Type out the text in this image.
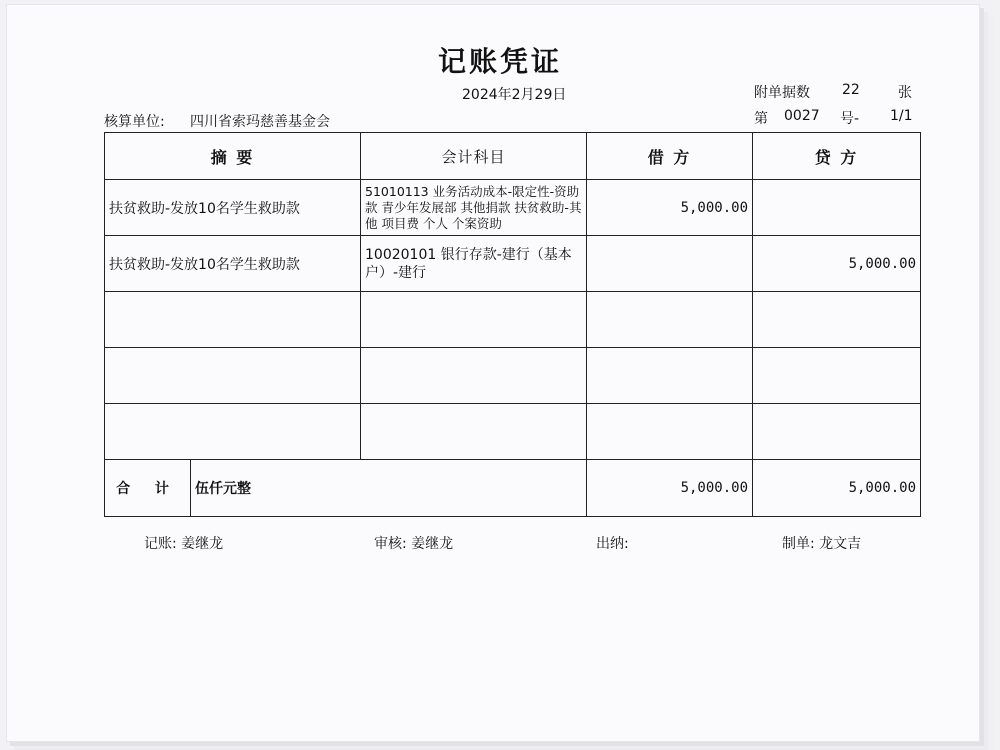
记账凭证
2024年2月29日	附单据数 22	张
核算单位: 四川省索玛慈善基金会	第 0027 号- 1/1
摘 要		会计科目	借 方	贷 方
扶贫救助-发放10名学生救助款		51010113 业务活动成本-限定性-资助款 青少年发展部 其他捐款 扶贫救助-其他 项目费 个人 个案资助	5,000.00	
扶贫救助-发放10名学生救助款		10020101 银行存款-建行（基本户）-建行		5,000.00

合 计	伍仟元整		5,000.00	5,000.00
记账: 姜继龙	审核: 姜继龙	出纳:	制单: 龙文吉
